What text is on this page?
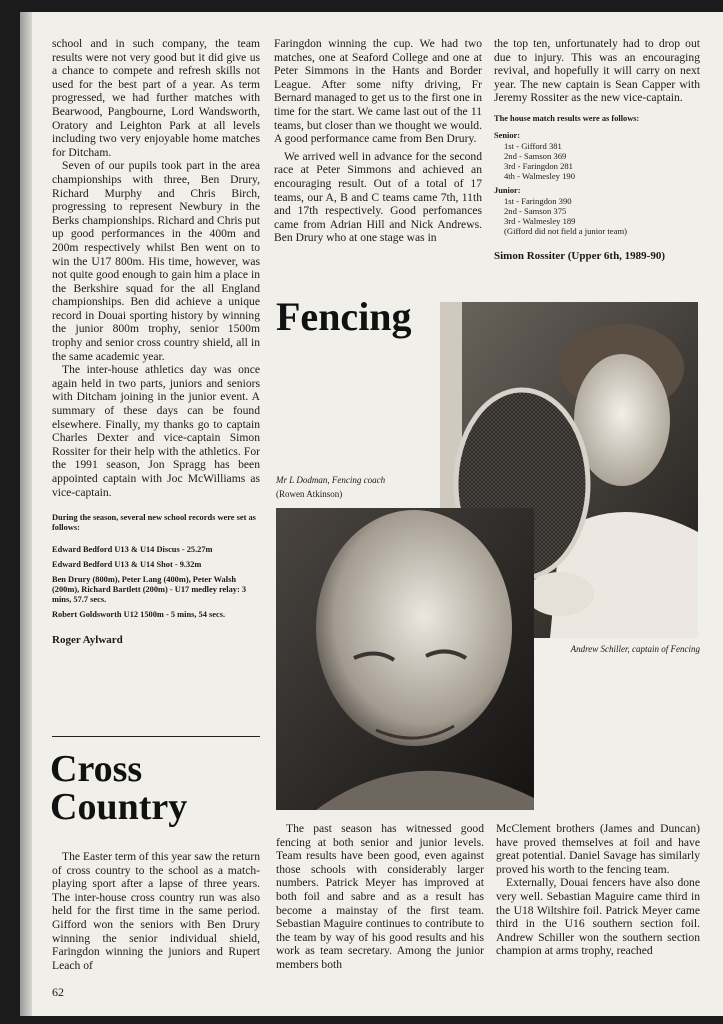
school and in such company, the team results were not very good but it did give us a chance to compete and refresh skills not used for the best part of a year. As term progressed, we had further matches with Bearwood, Pangbourne, Lord Wandsworth, Oratory and Leighton Park at all levels including two very enjoyable home matches for Ditcham.

Seven of our pupils took part in the area championships with three, Ben Drury, Richard Murphy and Chris Birch, progressing to represent Newbury in the Berks championships. Richard and Chris put up good performances in the 400m and 200m respectively whilst Ben went on to win the U17 800m. His time, however, was not quite good enough to gain him a place in the Berkshire squad for the all England championships. Ben did achieve a unique record in Douai sporting history by winning the junior 800m trophy, senior 1500m trophy and senior cross country shield, all in the same academic year.

The inter-house athletics day was once again held in two parts, juniors and seniors with Ditcham joining in the junior event. A summary of these days can be found elsewhere. Finally, my thanks go to captain Charles Dexter and vice-captain Simon Rossiter for their help with the athletics. For the 1991 season, Jon Spragg has been appointed captain with Joc McWilliams as vice-captain.

During the season, several new school records were set as follows:
Edward Bedford U13 & U14 Discus - 25.27m
Edward Bedford U13 & U14 Shot - 9.32m
Ben Drury (800m), Peter Lang (400m), Peter Walsh (200m), Richard Bartlett (200m) - U17 medley relay: 3 mins, 57.7 secs.
Robert Goldsworth U12 1500m - 5 mins, 54 secs.
Roger Aylward
Cross
Country

The Easter term of this year saw the return of cross country to the school as a match-playing sport after a lapse of three years. The inter-house cross country run was also held for the first time in the same period. Gifford won the seniors with Ben Drury winning the senior individual shield, Faringdon winning the juniors and Rupert Leach of

62

Faringdon winning the cup. We had two matches, one at Seaford College and one at Peter Simmons in the Hants and Border League. After some nifty driving, Fr Bernard managed to get us to the first one in time for the start. We came last out of the 11 teams, but closer than we thought we would. A good performance came from Ben Drury.

We arrived well in advance for the second race at Peter Simmons and achieved an encouraging result. Out of a total of 17 teams, our A, B and C teams came 7th, 11th and 17th respectively. Good perfomances came from Adrian Hill and Nick Andrews. Ben Drury who at one stage was in

the top ten, unfortunately had to drop out due to injury. This was an encouraging revival, and hopefully it will carry on next year. The new captain is Sean Capper with Jeremy Rossiter as the new vice-captain.

The house match results were as follows:
Senior:
1st - Gifford 381
2nd - Samson 369
3rd - Faringdon 281
4th - Walmesley 190
Junior:
1st - Faringdon 390
2nd - Samson 375
3rd - Walmesley 189
(Gifford did not field a junior team)
Simon Rossiter (Upper 6th, 1989-90)
Fencing
Andrew Schiller, captain of Fencing
Mr L Dodman, Fencing coach
(Rowen Atkinson)

The past season has witnessed good fencing at both senior and junior levels. Team results have been good, even against those schools with considerably larger numbers. Patrick Meyer has improved at both foil and sabre and as a result has become a mainstay of the first team. Sebastian Maguire continues to contribute to the team by way of his good results and his work as team secretary. Among the junior members both

McClement brothers (James and Duncan) have proved themselves at foil and have great potential. Daniel Savage has similarly proved his worth to the fencing team.

Externally, Douai fencers have also done very well. Sebastian Maguire came third in the U18 Wiltshire foil. Patrick Meyer came third in the U16 southern section foil. Andrew Schiller won the southern section champion at arms trophy, reached
